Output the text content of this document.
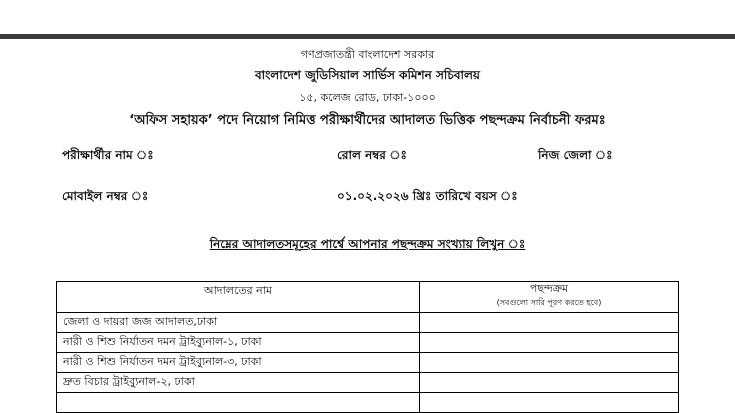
গণপ্রজাতন্ত্রী বাংলাদেশ সরকার
বাংলাদেশ জুডিসিয়াল সার্ভিস কমিশন সচিবালয়
১৫, কলেজ রোড, ঢাকা-১০০০
‘অফিস সহায়ক’ পদে নিয়োগ নিমিত্ত পরীক্ষার্থীদের আদালত ভিত্তিক পছন্দক্রম নির্বাচনী ফরমঃ
পরীক্ষার্থীর নাম ঃ	রোল নম্বর ঃ	নিজ জেলা ঃ
মোবাইল নম্বর ঃ	০১.০২.২০২৬ খ্রিঃ তারিখে বয়স ঃ
নিম্নের আদালতসমূহের পার্শ্বে আপনার পছন্দক্রম সংখ্যায় লিখুন ঃ
আদালতের নাম	পছন্দক্রম
(সবগুলো সারি পূরণ করতে হবে)

জেলা ও দায়রা জজ আদালত,ঢাকা	
নারী ও শিশু নির্যাতন দমন ট্রাইব্যুনাল-১, ঢাকা	
নারী ও শিশু নির্যাতন দমন ট্রাইব্যুনাল-৩, ঢাকা	
দ্রুত বিচার ট্রাইব্যুনাল-২, ঢাকা	
